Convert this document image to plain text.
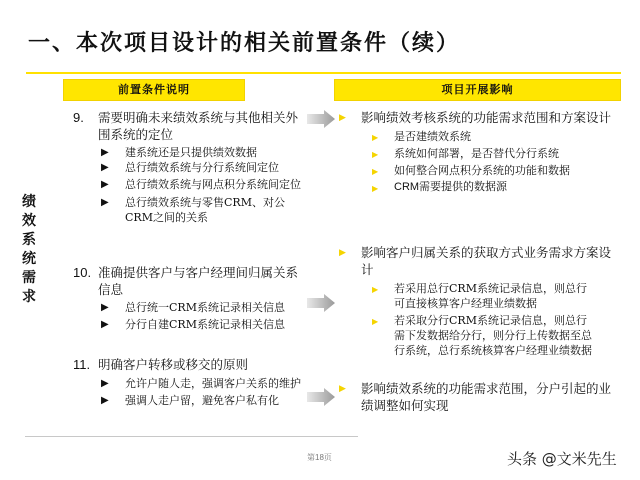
一、本次项目设计的相关前置条件（续）
前置条件说明	项目开展影响
绩效系统需求
9. 需要明确未来绩效系统与其他相关外围系统的定位
▶ 建系统还是只提供绩效数据
▶ 总行绩效系统与分行系统间定位
▶ 总行绩效系统与网点积分系统间定位
▶ 总行绩效系统与零售CRM、对公CRM之间的关系
10. 准确提供客户与客户经理间归属关系信息
▶ 总行统一CRM系统记录相关信息
▶ 分行自建CRM系统记录相关信息
11. 明确客户转移或移交的原则
▶ 允许户随人走，强调客户关系的维护
▶ 强调人走户留，避免客户私有化
▶ 影响绩效考核系统的功能需求范围和方案设计
▶ 是否建绩效系统
▶ 系统如何部署，是否替代分行系统
▶ 如何整合网点积分系统的功能和数据
▶ CRM需要提供的数据源
▶ 影响客户归属关系的获取方式业务需求方案设计
▶ 若采用总行CRM系统记录信息，则总行可直接核算客户经理业绩数据
▶ 若采取分行CRM系统记录信息，则总行需下发数据给分行，则分行上传数据至总行系统，总行系统核算客户经理业绩数据
▶ 影响绩效系统的功能需求范围，分户引起的业绩调整如何实现
第18页	头条 @文米先生
